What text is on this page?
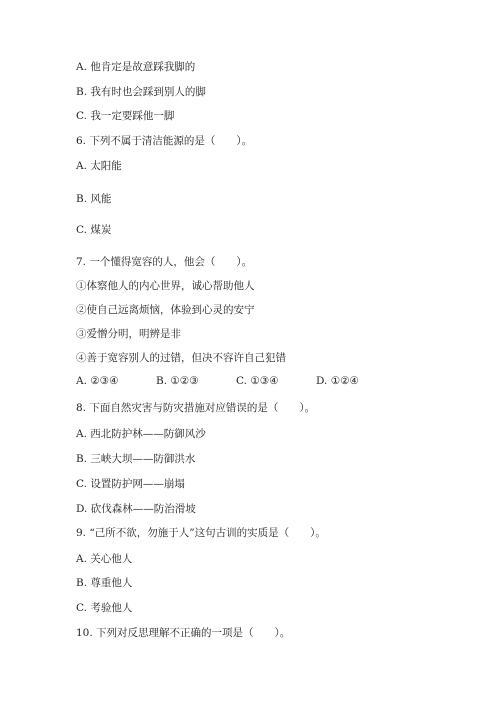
A. 他肯定是故意踩我脚的
B. 我有时也会踩到别人的脚
C. 我一定要踩他一脚
6. 下列不属于清洁能源的是（　　）。
A. 太阳能
B. 风能
C. 煤炭
7. 一个懂得宽容的人，他会（　　）。
①体察他人的内心世界，诚心帮助他人
②使自己远离烦恼，体验到心灵的安宁
③爱憎分明，明辨是非
④善于宽容别人的过错，但决不容许自己犯错
A. ②③④	B. ①②③	C. ①③④	D. ①②④
8. 下面自然灾害与防灾措施对应错误的是（　　）。
A. 西北防护林——防御风沙
B. 三峡大坝——防御洪水
C. 设置防护网——崩塌
D. 砍伐森林——防治滑坡
9. “己所不欲，勿施于人”这句古训的实质是（　　）。
A. 关心他人
B. 尊重他人
C. 考验他人
10. 下列对反思理解不正确的一项是（　　）。
